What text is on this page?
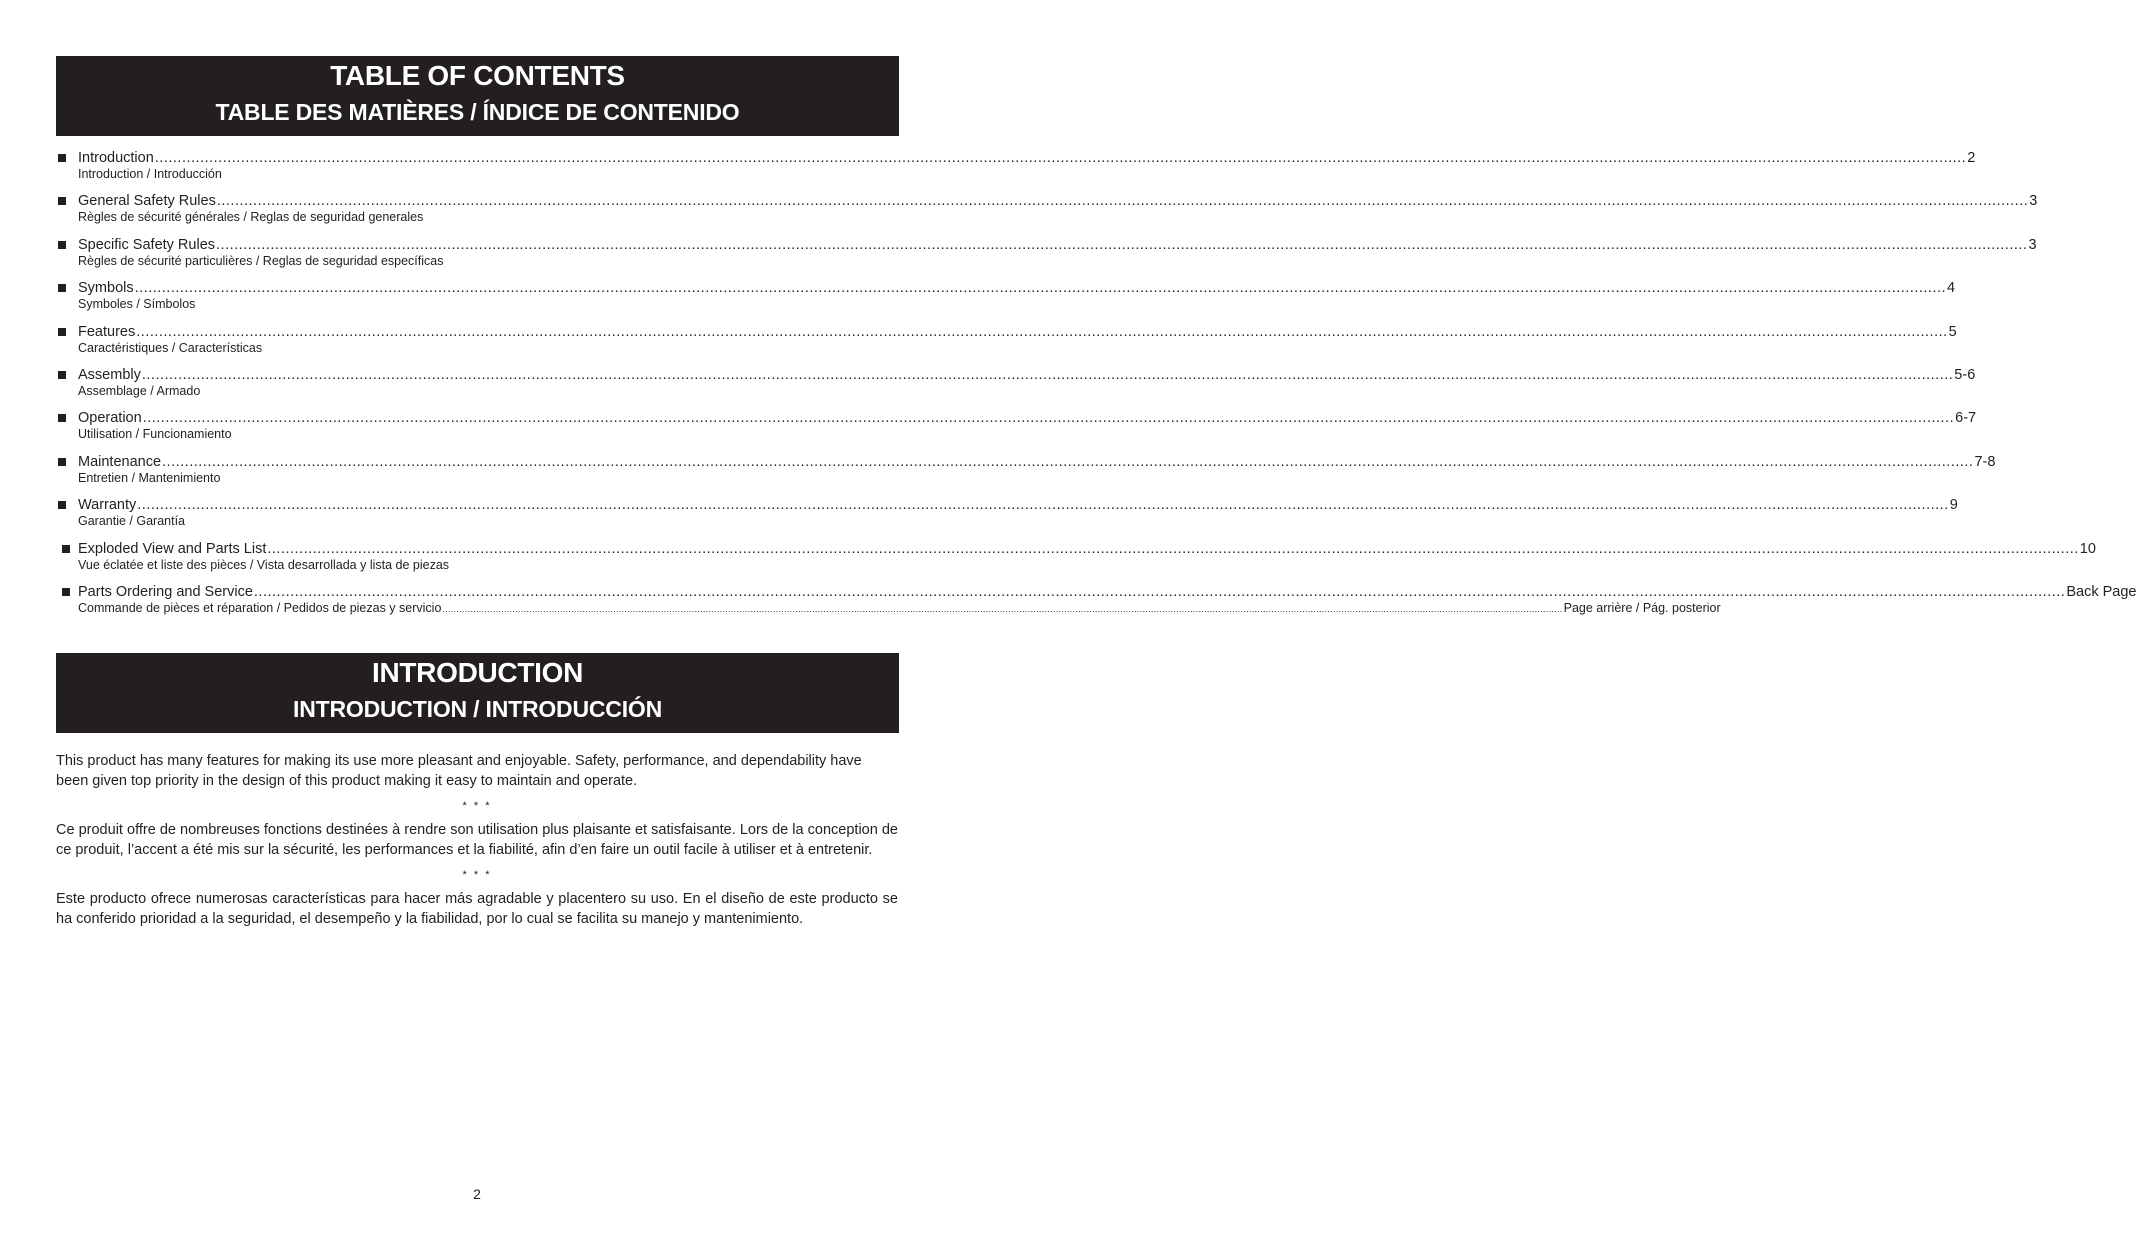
TABLE OF CONTENTS
TABLE DES MATIÈRES / ÍNDICE DE CONTENIDO
Introduction ................................................................................................................................................................................................................................................................................................................................................................................................................ 2
Introduction / Introducción
General Safety Rules ................................................................................................................................................................................................................................................................................................................................................................................................................ 3
Règles de sécurité générales / Reglas de seguridad generales
Specific Safety Rules ................................................................................................................................................................................................................................................................................................................................................................................................................ 3
Règles de sécurité particulières / Reglas de seguridad específicas
Symbols ................................................................................................................................................................................................................................................................................................................................................................................................................ 4
Symboles / Símbolos
Features ................................................................................................................................................................................................................................................................................................................................................................................................................ 5
Caractéristiques / Características
Assembly ................................................................................................................................................................................................................................................................................................................................................................................................................ 5-6
Assemblage / Armado
Operation ................................................................................................................................................................................................................................................................................................................................................................................................................ 6-7
Utilisation / Funcionamiento
Maintenance ................................................................................................................................................................................................................................................................................................................................................................................................................ 7-8
Entretien / Mantenimiento
Warranty ................................................................................................................................................................................................................................................................................................................................................................................................................ 9
Garantie / Garantía
Exploded View and Parts List ................................................................................................................................................................................................................................................................................................................................................................................................................ 10
Vue éclatée et liste des pièces / Vista desarrollada y lista de piezas
Parts Ordering and Service ................................................................................................................................................................................................................................................................................................................................................................................................................ Back Page
Commande de pièces et réparation / Pedidos de piezas y servicio ................................................................................................................................................................................................................................................................................................................................................................................................................ Page arrière / Pág. posterior
INTRODUCTION
INTRODUCTION / INTRODUCCIÓN

This product has many features for making its use more pleasant and enjoyable. Safety, performance, and dependability have been given top priority in the design of this product making it easy to maintain and operate.

* * *

Ce produit offre de nombreuses fonctions destinées à rendre son utilisation plus plaisante et satisfaisante. Lors de la conception de ce produit, l’accent a été mis sur la sécurité, les performances et la fiabilité, afin d’en faire un outil facile à utiliser et à entretenir.

* * *

Este producto ofrece numerosas características para hacer más agradable y placentero su uso. En el diseño de este producto se ha conferido prioridad a la seguridad, el desempeño y la fiabilidad, por lo cual se facilita su manejo y mantenimiento.

2
